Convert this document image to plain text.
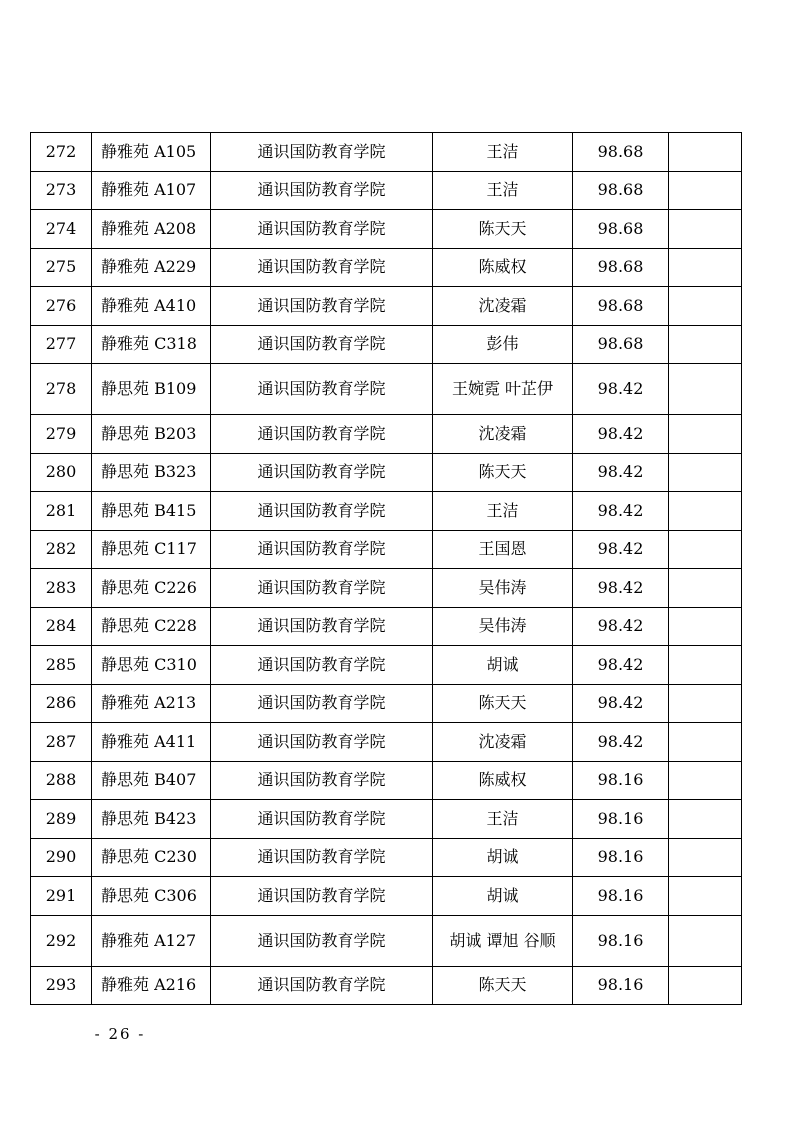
272	静雅苑 A105	通识国防教育学院	王洁	98.68	
273	静雅苑 A107	通识国防教育学院	王洁	98.68	
274	静雅苑 A208	通识国防教育学院	陈天天	98.68	
275	静雅苑 A229	通识国防教育学院	陈威权	98.68	
276	静雅苑 A410	通识国防教育学院	沈凌霜	98.68	
277	静雅苑 C318	通识国防教育学院	彭伟	98.68	
278	静思苑 B109	通识国防教育学院	王婉霓 叶芷伊	98.42	
279	静思苑 B203	通识国防教育学院	沈凌霜	98.42	
280	静思苑 B323	通识国防教育学院	陈天天	98.42	
281	静思苑 B415	通识国防教育学院	王洁	98.42	
282	静思苑 C117	通识国防教育学院	王国恩	98.42	
283	静思苑 C226	通识国防教育学院	吴伟涛	98.42	
284	静思苑 C228	通识国防教育学院	吴伟涛	98.42	
285	静思苑 C310	通识国防教育学院	胡诚	98.42	
286	静雅苑 A213	通识国防教育学院	陈天天	98.42	
287	静雅苑 A411	通识国防教育学院	沈凌霜	98.42	
288	静思苑 B407	通识国防教育学院	陈威权	98.16	
289	静思苑 B423	通识国防教育学院	王洁	98.16	
290	静思苑 C230	通识国防教育学院	胡诚	98.16	
291	静思苑 C306	通识国防教育学院	胡诚	98.16	
292	静雅苑 A127	通识国防教育学院	胡诚 谭旭 谷顺	98.16	
293	静雅苑 A216	通识国防教育学院	陈天天	98.16	
- 26 -
